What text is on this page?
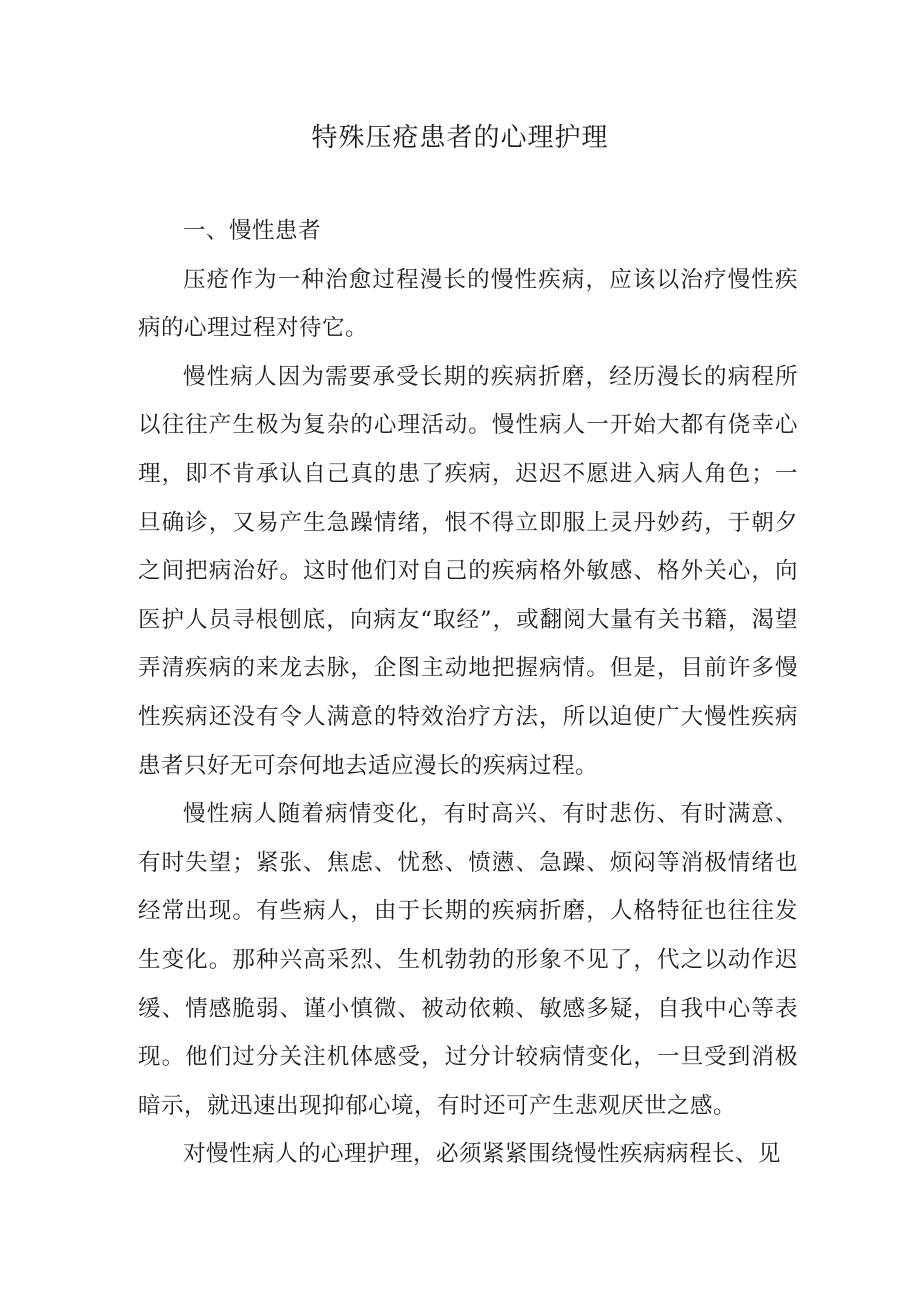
特殊压疮患者的心理护理

一、慢性患者

压疮作为一种治愈过程漫长的慢性疾病，应该以治疗慢性疾病的心理过程对待它。

慢性病人因为需要承受长期的疾病折磨，经历漫长的病程所以往往产生极为复杂的心理活动。慢性病人一开始大都有侥幸心理，即不肯承认自己真的患了疾病，迟迟不愿进入病人角色；一旦确诊，又易产生急躁情绪，恨不得立即服上灵丹妙药，于朝夕之间把病治好。这时他们对自己的疾病格外敏感、格外关心，向医护人员寻根刨底，向病友“取经”，或翻阅大量有关书籍，渴望弄清疾病的来龙去脉，企图主动地把握病情。但是，目前许多慢性疾病还没有令人满意的特效治疗方法，所以迫使广大慢性疾病患者只好无可奈何地去适应漫长的疾病过程。

慢性病人随着病情变化，有时高兴、有时悲伤、有时满意、有时失望；紧张、焦虑、忧愁、愤懑、急躁、烦闷等消极情绪也经常出现。有些病人，由于长期的疾病折磨，人格特征也往往发生变化。那种兴高采烈、生机勃勃的形象不见了，代之以动作迟缓、情感脆弱、谨小慎微、被动依赖、敏感多疑，自我中心等表现。他们过分关注机体感受，过分计较病情变化，一旦受到消极暗示，就迅速出现抑郁心境，有时还可产生悲观厌世之感。

对慢性病人的心理护理，必须紧紧围绕慢性疾病病程长、见
